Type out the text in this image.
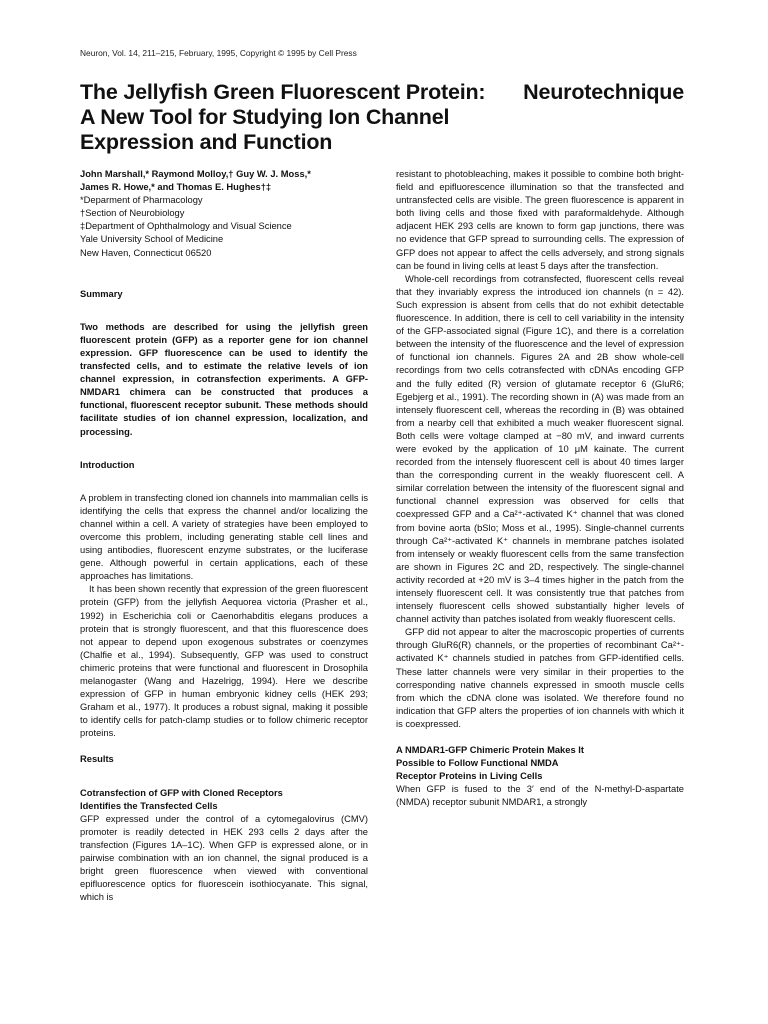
Neuron, Vol. 14, 211–215, February, 1995, Copyright © 1995 by Cell Press
The Jellyfish Green Fluorescent Protein: A New Tool for Studying Ion Channel Expression and Function
Neurotechnique

John Marshall,* Raymond Molloy,† Guy W. J. Moss,*

James R. Howe,* and Thomas E. Hughes†‡

*Deparment of Pharmacology

†Section of Neurobiology

‡Department of Ophthalmology and Visual Science

Yale University School of Medicine

New Haven, Connecticut 06520

Summary

Two methods are described for using the jellyfish green fluorescent protein (GFP) as a reporter gene for ion channel expression. GFP fluorescence can be used to identify the transfected cells, and to estimate the relative levels of ion channel expression, in cotransfection experiments. A GFP-NMDAR1 chimera can be constructed that produces a functional, fluorescent receptor subunit. These methods should facilitate studies of ion channel expression, localization, and processing.

Introduction

A problem in transfecting cloned ion channels into mammalian cells is identifying the cells that express the channel and/or localizing the channel within a cell. A variety of strategies have been employed to overcome this problem, including generating stable cell lines and using antibodies, fluorescent enzyme substrates, or the luciferase gene. Although powerful in certain applications, each of these approaches has limitations.

It has been shown recently that expression of the green fluorescent protein (GFP) from the jellyfish Aequorea victoria (Prasher et al., 1992) in Escherichia coli or Caenorhabditis elegans produces a protein that is strongly fluorescent, and that this fluorescence does not appear to depend upon exogenous substrates or coenzymes (Chalfie et al., 1994). Subsequently, GFP was used to construct chimeric proteins that were functional and fluorescent in Drosophila melanogaster (Wang and Hazelrigg, 1994). Here we describe expression of GFP in human embryonic kidney cells (HEK 293; Graham et al., 1977). It produces a robust signal, making it possible to identify cells for patch-clamp studies or to follow chimeric receptor proteins.

Results

Cotransfection of GFP with Cloned Receptors

Identifies the Transfected Cells

GFP expressed under the control of a cytomegalovirus (CMV) promoter is readily detected in HEK 293 cells 2 days after the transfection (Figures 1A–1C). When GFP is expressed alone, or in pairwise combination with an ion channel, the signal produced is a bright green fluorescence when viewed with conventional epifluorescence optics for fluorescein isothiocyanate. This signal, which is

resistant to photobleaching, makes it possible to combine both bright-field and epifluorescence illumination so that the transfected and untransfected cells are visible. The green fluorescence is apparent in both living cells and those fixed with paraformaldehyde. Although adjacent HEK 293 cells are known to form gap junctions, there was no evidence that GFP spread to surrounding cells. The expression of GFP does not appear to affect the cells adversely, and strong signals can be found in living cells at least 5 days after the transfection.

Whole-cell recordings from cotransfected, fluorescent cells reveal that they invariably express the introduced ion channels (n = 42). Such expression is absent from cells that do not exhibit detectable fluorescence. In addition, there is cell to cell variability in the intensity of the GFP-associated signal (Figure 1C), and there is a correlation between the intensity of the fluorescence and the level of expression of functional ion channels. Figures 2A and 2B show whole-cell recordings from two cells cotransfected with cDNAs encoding GFP and the fully edited (R) version of glutamate receptor 6 (GluR6; Egebjerg et al., 1991). The recording shown in (A) was made from an intensely fluorescent cell, whereas the recording in (B) was obtained from a nearby cell that exhibited a much weaker fluorescent signal. Both cells were voltage clamped at −80 mV, and inward currents were evoked by the application of 10 μM kainate. The current recorded from the intensely fluorescent cell is about 40 times larger than the corresponding current in the weakly fluorescent cell. A similar correlation between the intensity of the fluorescent signal and functional channel expression was observed for cells that coexpressed GFP and a Ca²⁺-activated K⁺ channel that was cloned from bovine aorta (bSlo; Moss et al., 1995). Single-channel currents through Ca²⁺-activated K⁺ channels in membrane patches isolated from intensely or weakly fluorescent cells from the same transfection are shown in Figures 2C and 2D, respectively. The single-channel activity recorded at +20 mV is 3–4 times higher in the patch from the intensely fluorescent cell. It was consistently true that patches from intensely fluorescent cells showed substantially higher levels of channel activity than patches isolated from weakly fluorescent cells.

GFP did not appear to alter the macroscopic properties of currents through GluR6(R) channels, or the properties of recombinant Ca²⁺-activated K⁺ channels studied in patches from GFP-identified cells. These latter channels were very similar in their properties to the corresponding native channels expressed in smooth muscle cells from which the cDNA clone was isolated. We therefore found no indication that GFP alters the properties of ion channels with which it is coexpressed.

A NMDAR1-GFP Chimeric Protein Makes It

Possible to Follow Functional NMDA

Receptor Proteins in Living Cells

When GFP is fused to the 3′ end of the N-methyl-D-aspartate (NMDA) receptor subunit NMDAR1, a strongly
